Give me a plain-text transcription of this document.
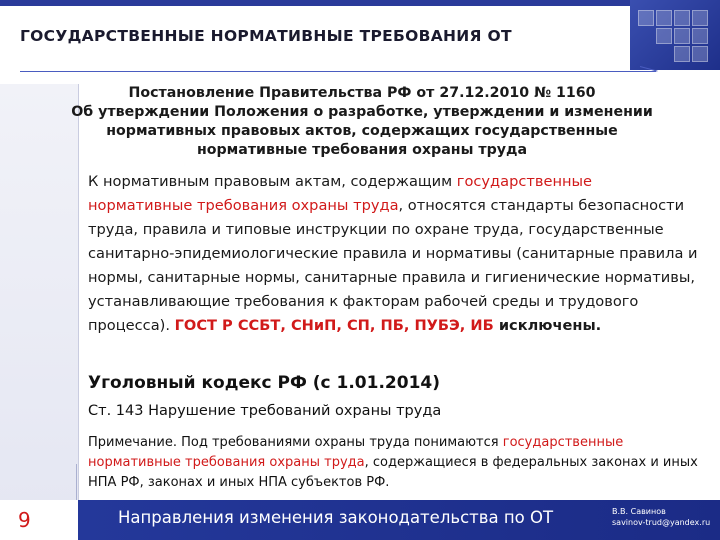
ГОСУДАРСТВЕННЫЕ НОРМАТИВНЫЕ ТРЕБОВАНИЯ ОТ
Постановление Правительства РФ от 27.12.2010 № 1160
Об утверждении Положения о разработке, утверждении и изменении
нормативных правовых актов, содержащих государственные
нормативные требования охраны труда
К нормативным правовым актам, содержащим государственные нормативные требования охраны труда, относятся стандарты безопасности труда, правила и типовые инструкции по охране труда, государственные санитарно-эпидемиологические правила и нормативы (санитарные правила и нормы, санитарные нормы, санитарные правила и гигиенические нормативы, устанавливающие требования к факторам рабочей среды и трудового процесса). ГОСТ Р ССБТ, СНиП, СП, ПБ, ПУБЭ, ИБ исключены.
Уголовный кодекс РФ (с 1.01.2014)
Ст. 143 Нарушение требований охраны труда
Примечание. Под требованиями охраны труда понимаются государственные нормативные требования охраны труда, содержащиеся в федеральных законах и иных НПА РФ, законах и иных НПА субъектов РФ.
9	Направления изменения законодательства по ОТ	В.В. Савинов
savinov-trud@yandex.ru
